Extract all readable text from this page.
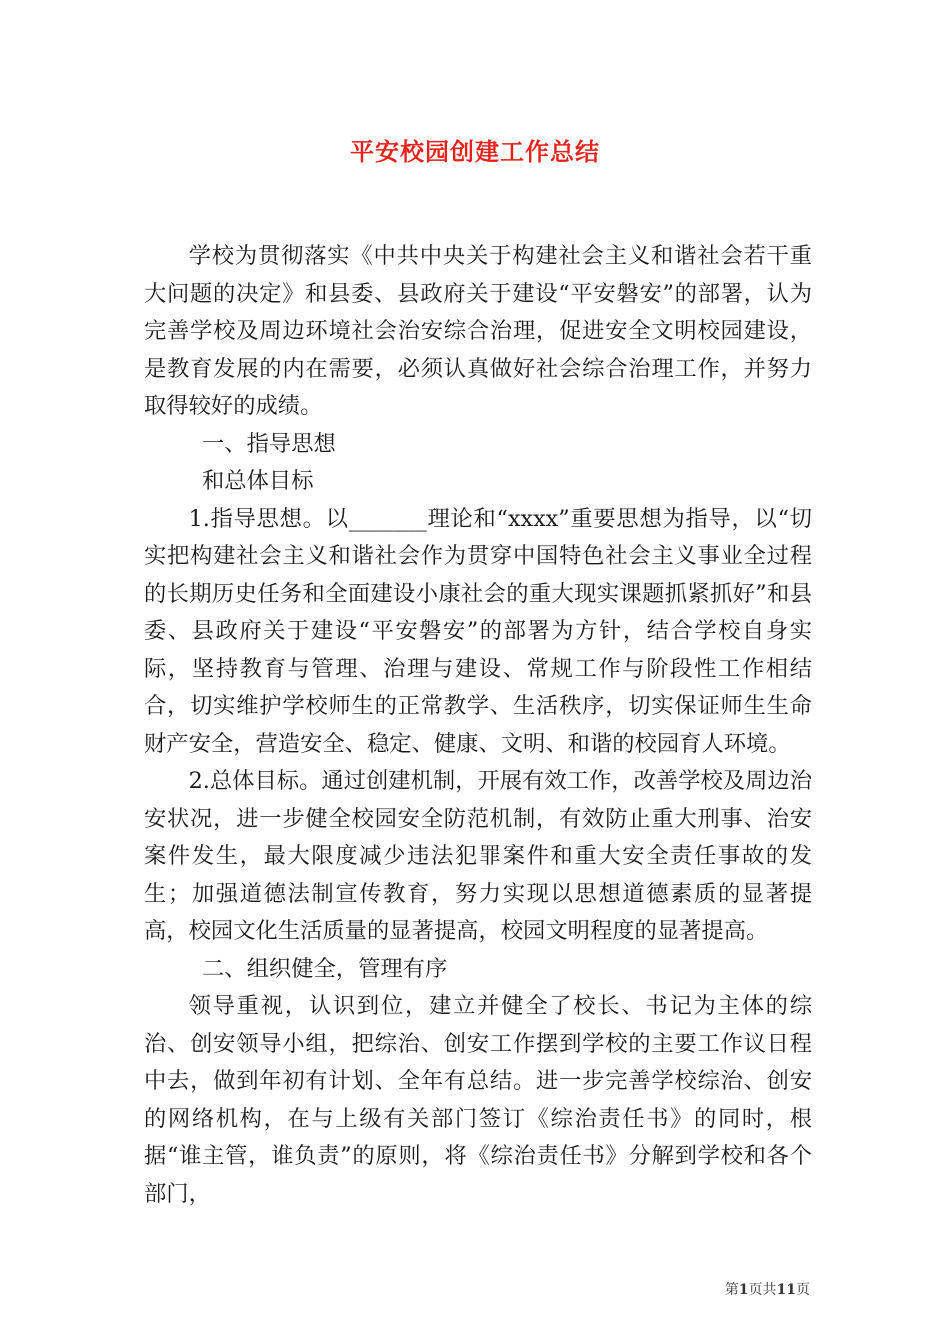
平安校园创建工作总结

学校为贯彻落实《中共中央关于构建社会主义和谐社会若干重大问题的决定》和县委、县政府关于建设“平安磐安”的部署，认为完善学校及周边环境社会治安综合治理，促进安全文明校园建设，是教育发展的内在需要，必须认真做好社会综合治理工作，并努力取得较好的成绩。

一、指导思想

和总体目标

1.指导思想。以_______理论和“xxxx”重要思想为指导，以“切实把构建社会主义和谐社会作为贯穿中国特色社会主义事业全过程的长期历史任务和全面建设小康社会的重大现实课题抓紧抓好”和县委、县政府关于建设“平安磐安”的部署为方针，结合学校自身实际，坚持教育与管理、治理与建设、常规工作与阶段性工作相结合，切实维护学校师生的正常教学、生活秩序，切实保证师生生命财产安全，营造安全、稳定、健康、文明、和谐的校园育人环境。

2.总体目标。通过创建机制，开展有效工作，改善学校及周边治安状况，进一步健全校园安全防范机制，有效防止重大刑事、治安案件发生，最大限度减少违法犯罪案件和重大安全责任事故的发生；加强道德法制宣传教育，努力实现以思想道德素质的显著提高，校园文化生活质量的显著提高，校园文明程度的显著提高。

二、组织健全，管理有序

领导重视，认识到位，建立并健全了校长、书记为主体的综治、创安领导小组，把综治、创安工作摆到学校的主要工作议日程中去，做到年初有计划、全年有总结。进一步完善学校综治、创安的网络机构，在与上级有关部门签订《综治责任书》的同时，根据“谁主管，谁负责”的原则，将《综治责任书》分解到学校和各个部门，

第1页共11页
